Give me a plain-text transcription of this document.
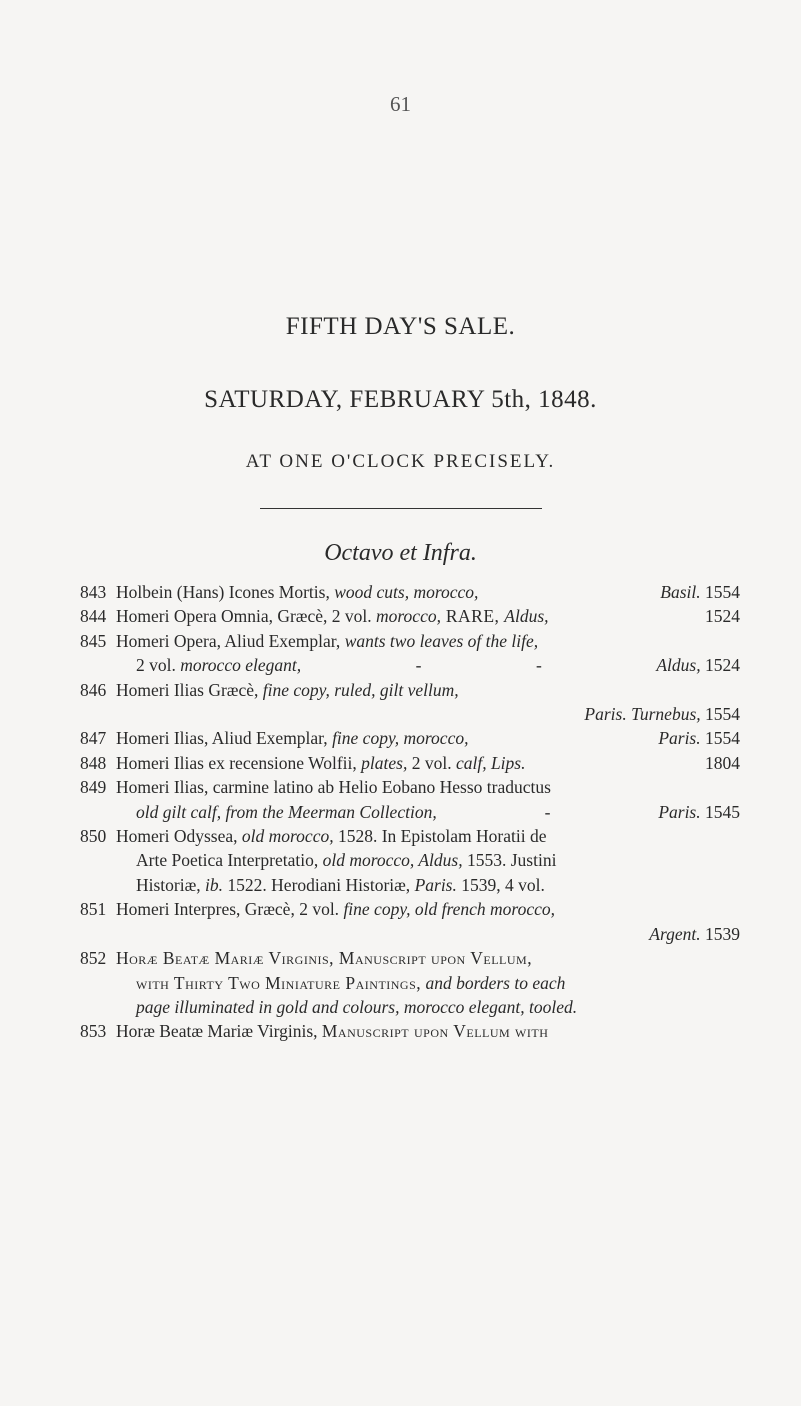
61
FIFTH DAY'S SALE.
SATURDAY, FEBRUARY 5th, 1848.
AT ONE O'CLOCK PRECISELY.
Octavo et Infra.
843 Holbein (Hans) Icones Mortis, wood cuts, morocco,	Basil. 1554
844 Homeri Opera Omnia, Græcè, 2 vol. morocco, RARE, Aldus,	1524
845 Homeri Opera, Aliud Exemplar, wants two leaves of the life,
2 vol. morocco elegant,	-	-	Aldus, 1524
846 Homeri Ilias Græcè, fine copy, ruled, gilt vellum,
Paris. Turnebus, 1554
847 Homeri Ilias, Aliud Exemplar, fine copy, morocco,	Paris. 1554
848 Homeri Ilias ex recensione Wolfii, plates, 2 vol. calf, Lips.	1804
849 Homeri Ilias, carmine latino ab Helio Eobano Hesso traductus
old gilt calf, from the Meerman Collection,	-	Paris. 1545
850 Homeri Odyssea, old morocco, 1528. In Epistolam Horatii de
Arte Poetica Interpretatio, old morocco, Aldus, 1553. Justini
Historiæ, ib. 1522. Herodiani Historiæ, Paris. 1539, 4 vol.
851 Homeri Interpres, Græcè, 2 vol. fine copy, old french morocco,
Argent. 1539
852 Horæ Beatæ Mariæ Virginis, Manuscript upon Vellum,
with Thirty Two Miniature Paintings, and borders to each
page illuminated in gold and colours, morocco elegant, tooled.
853 Horæ Beatæ Mariæ Virginis, Manuscript upon Vellum with
